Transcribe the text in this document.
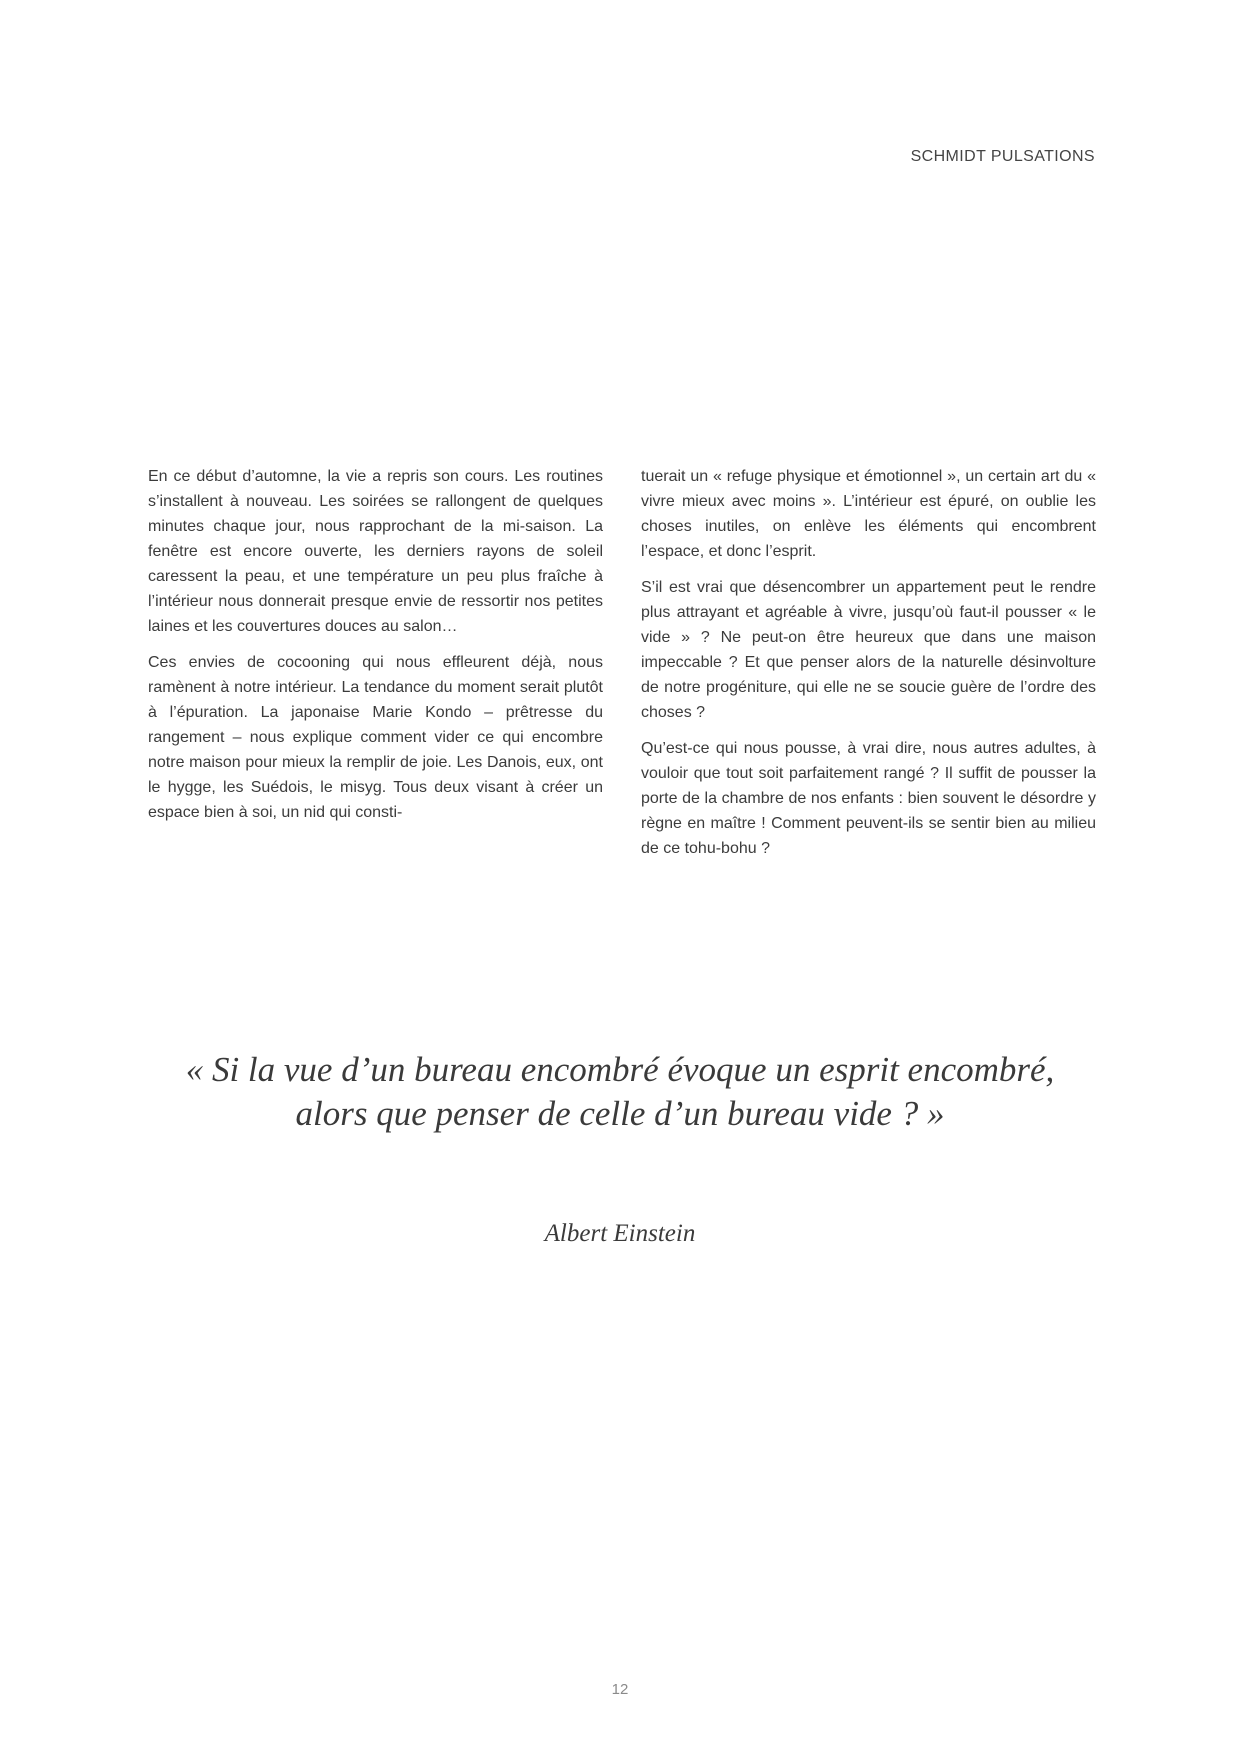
SCHMIDT PULSATIONS

En ce début d’automne, la vie a repris son cours. Les routines s’installent à nouveau. Les soirées se rallongent de quelques minutes chaque jour, nous rapprochant de la mi-saison. La fenêtre est encore ouverte, les derniers rayons de soleil caressent la peau, et une température un peu plus fraîche à l’intérieur nous donnerait presque envie de ressortir nos petites laines et les couvertures douces au salon…

Ces envies de cocooning qui nous effleurent déjà, nous ramènent à notre intérieur. La tendance du moment serait plutôt à l’épuration. La japonaise Marie Kondo – prêtresse du rangement – nous explique comment vider ce qui encombre notre maison pour mieux la remplir de joie. Les Danois, eux, ont le hygge, les Suédois, le misyg. Tous deux visant à créer un espace bien à soi, un nid qui consti-

tuerait un « refuge physique et émotionnel », un certain art du « vivre mieux avec moins ». L’intérieur est épuré, on oublie les choses inutiles, on enlève les éléments qui encombrent l’espace, et donc l’esprit.

S’il est vrai que désencombrer un appartement peut le rendre plus attrayant et agréable à vivre, jusqu’où faut-il pousser « le vide » ? Ne peut-on être heureux que dans une maison impeccable ? Et que penser alors de la naturelle désinvolture de notre progéniture, qui elle ne se soucie guère de l’ordre des choses ?

Qu’est-ce qui nous pousse, à vrai dire, nous autres adultes, à vouloir que tout soit parfaitement rangé ? Il suffit de pousser la porte de la chambre de nos enfants : bien souvent le désordre y règne en maître ! Comment peuvent-ils se sentir bien au milieu de ce tohu-bohu ?

« Si la vue d’un bureau encombré évoque un esprit encombré,
alors que penser de celle d’un bureau vide ? »
Albert Einstein
12
